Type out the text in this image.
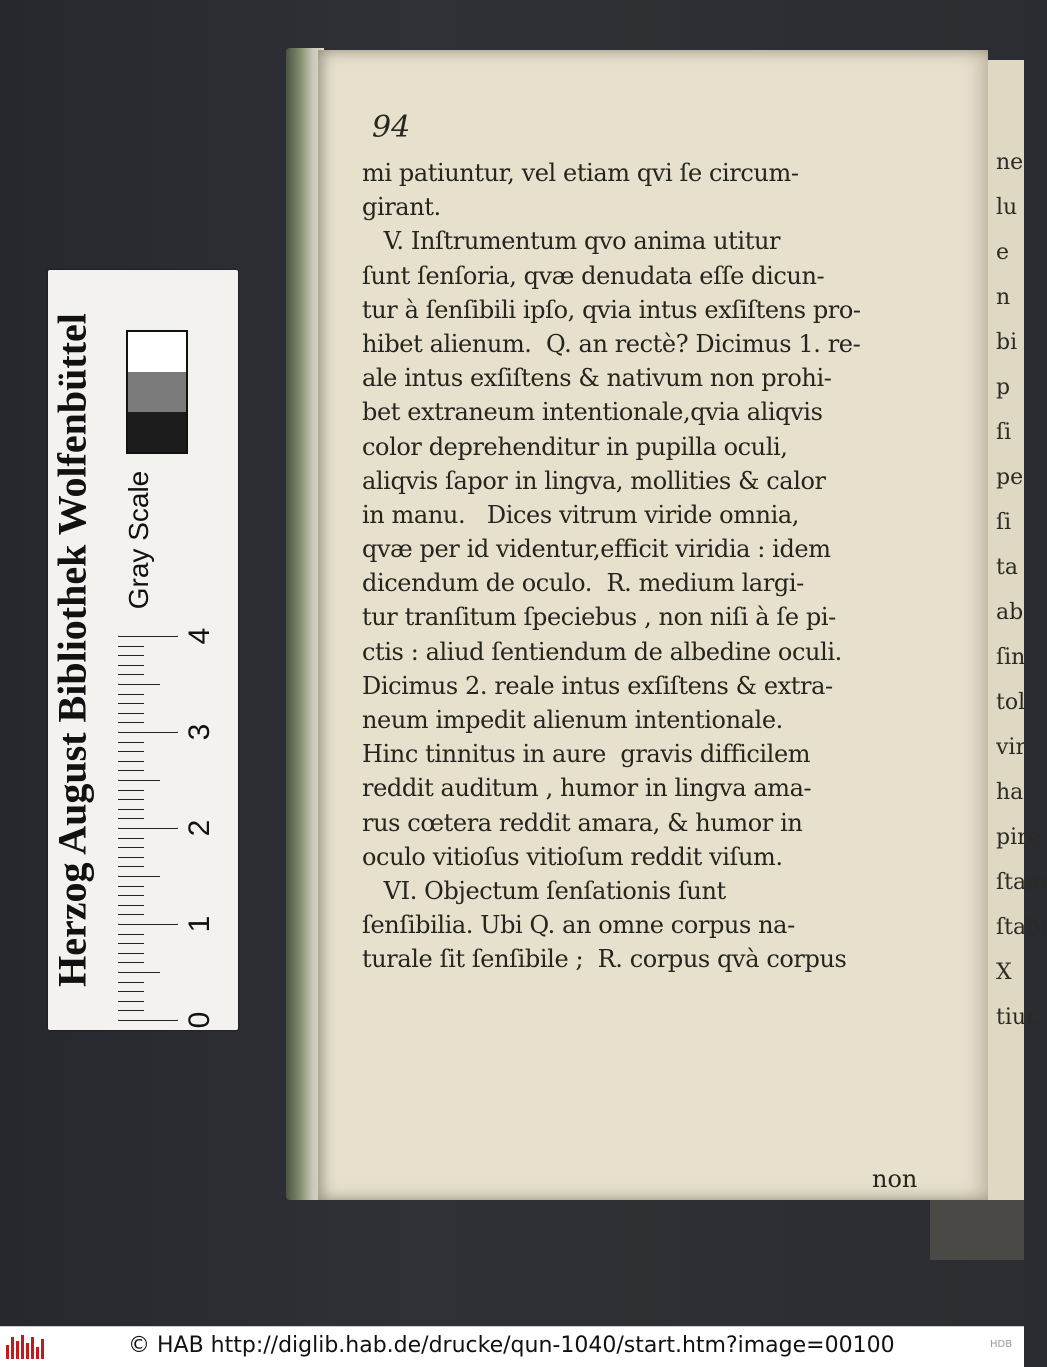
Herzog August Bibliothek Wolfenbüttel Gray Scale
0
1
2
3
4
ne
lu
e
n
bi
p
ſi
pe
ſi
ta
ab
ſin
tol
vir
ha
pire
ſtam
ſtabi
X
tiur,
94
mi patiuntur, vel etiam qvi ſe circum-
girant.
V. Inſtrumentum qvo anima utitur
ſunt ſenſoria, qvæ denudata eſſe dicun-
tur à ſenſibili ipſo, qvia intus exſiſtens pro-
hibet alienum.  Q. an rectè? Dicimus 1. re-
ale intus exſiſtens & nativum non prohi-
bet extraneum intentionale,qvia aliqvis
color deprehenditur in pupilla oculi,
aliqvis ſapor in lingva, mollities & calor
in manu.   Dices vitrum viride omnia,
qvæ per id videntur,efficit viridia : idem
dicendum de oculo.  R. medium largi-
tur tranſitum ſpeciebus , non niſi à ſe pi-
ctis : aliud ſentiendum de albedine oculi.
Dicimus 2. reale intus exſiſtens & extra-
neum impedit alienum intentionale.
Hinc tinnitus in aure  gravis difficilem
reddit auditum , humor in lingva ama-
rus cœtera reddit amara, & humor in
oculo vitioſus vitioſum reddit viſum.
VI. Objectum ſenſationis ſunt
ſenſibilia. Ubi Q. an omne corpus na-
turale ſit ſenſibile ;  R. corpus qvà corpus
non
© HAB http://diglib.hab.de/drucke/qun-1040/start.htm?image=00100	HDB
